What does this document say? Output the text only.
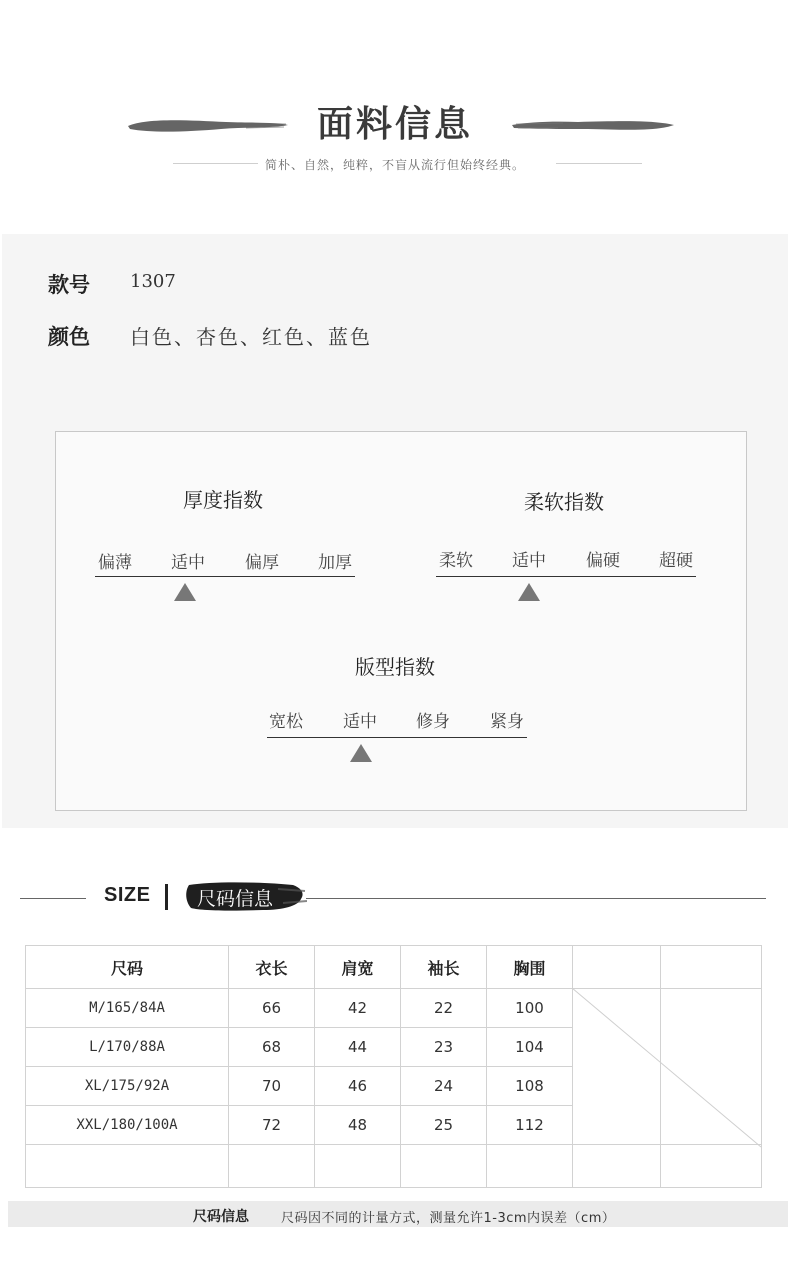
面料信息
简朴、自然，纯粹，不盲从流行但始终经典。
款号 1307
颜色 白色、杏色、红色、蓝色
厚度指数
偏薄	适中	偏厚	加厚
柔软指数
柔软	适中	偏硬	超硬
版型指数
宽松	适中	修身	紧身
SIZE 尺码信息
尺码	衣长	肩宽	袖长	胸围		
M/165/84A	66	42	22	100		
L/170/88A	68	44	23	104		
XL/175/92A	70	46	24	108		
XXL/180/100A	72	48	25	112		

尺码信息 尺码因不同的计量方式，测量允许1-3cm内误差（cm）
